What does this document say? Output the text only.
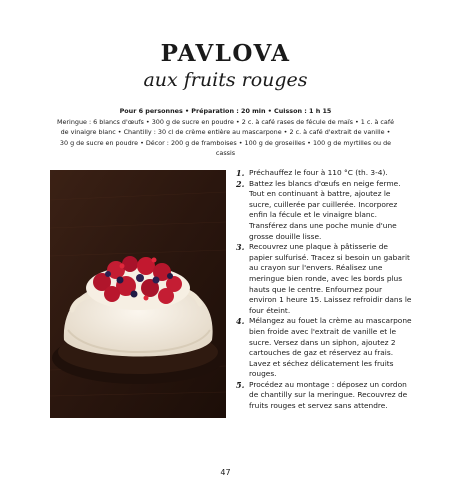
PAVLOVA
aux fruits rouges
Pour 6 personnes • Préparation : 20 min • Cuisson : 1 h 15
Meringue : 6 blancs d'œufs • 300 g de sucre en poudre • 2 c. à café rases de fécule de maïs • 1 c. à café
de vinaigre blanc • Chantilly : 30 cl de crème entière au mascarpone • 2 c. à café d'extrait de vanille •
30 g de sucre en poudre • Décor : 200 g de framboises • 100 g de groseilles • 100 g de myrtilles ou de cassis
1. Préchauffez le four à 110 °C (th. 3-4).
2. Battez les blancs d'œufs en neige ferme. Tout en continuant à battre, ajoutez le sucre, cuillerée par cuillerée. Incorporez enfin la fécule et le vinaigre blanc. Transférez dans une poche munie d'une grosse douille lisse.
3. Recouvrez une plaque à pâtisserie de papier sulfurisé. Tracez si besoin un gabarit au crayon sur l'envers. Réalisez une meringue bien ronde, avec les bords plus hauts que le centre. Enfournez pour environ 1 heure 15. Laissez refroidir dans le four éteint.
4. Mélangez au fouet la crème au mascarpone bien froide avec l'extrait de vanille et le sucre. Versez dans un siphon, ajoutez 2 cartouches de gaz et réservez au frais. Lavez et séchez délicatement les fruits rouges.
5. Procédez au montage : déposez un cordon de chantilly sur la meringue. Recouvrez de fruits rouges et servez sans attendre.
47
